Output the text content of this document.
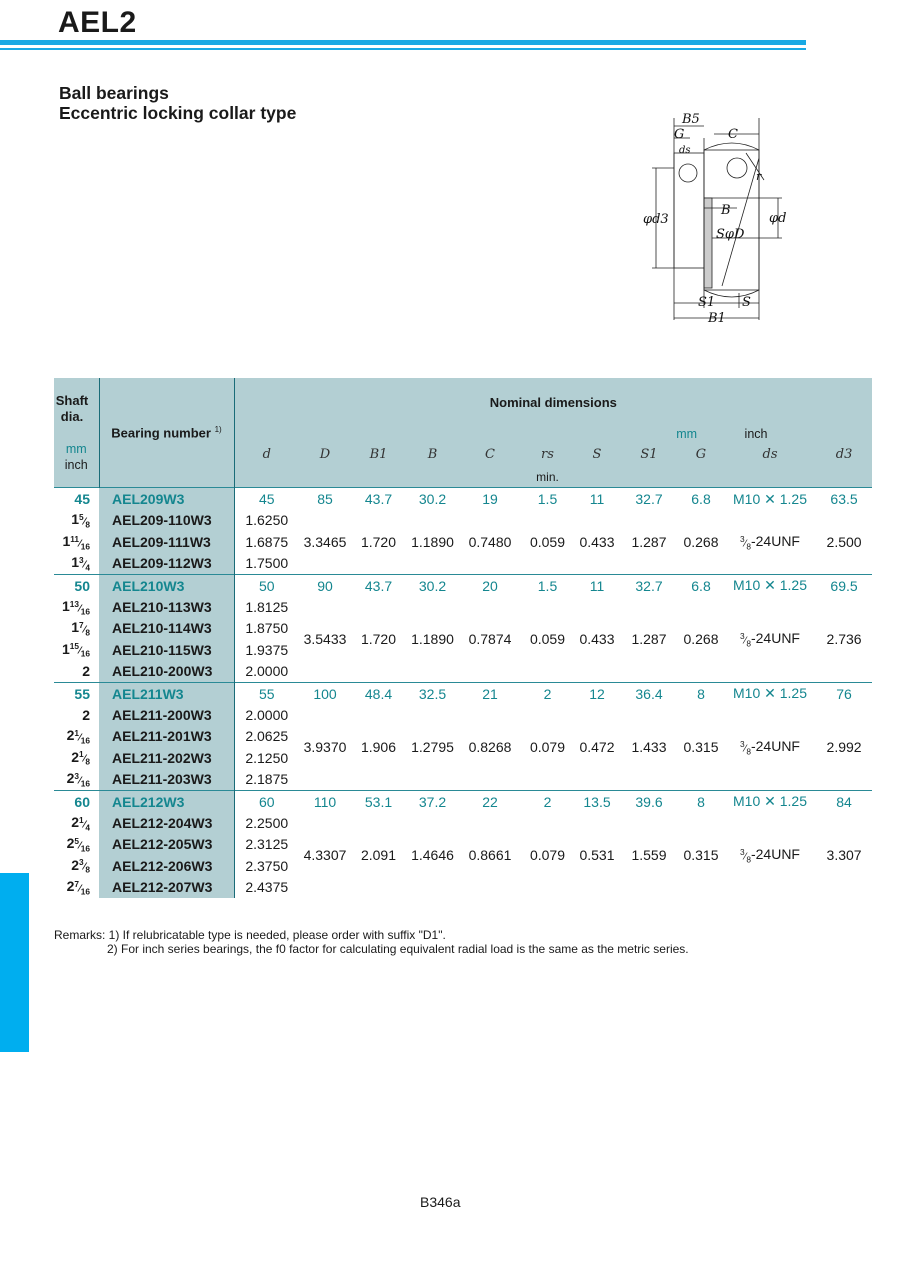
AEL2
Ball bearings
Eccentric locking collar type	B5
C
G
ds
r
B
φd3	φd
SφD
S1 S
B1
Shaft dia.
mm
inch	Bearing number $^{1)}$	Nominal dimensions										
		mm inch										
		d	D	B1	B	C	rs	S	S1	G	ds	d3
							min.					
45	AEL209W3	45	85	43.7	30.2	19	1.5	11	32.7	6.8	M10 ✕ 1.25	63.5
$1^5⁄_8$	AEL209-110W3	1.6250	3.3465	1.720	1.1890	0.7480	0.059	0.433	1.287	0.268	$^3⁄_8-24UNF$	2.500
$1^{11}⁄_{16}$	AEL209-111W3	1.6875										
$1^3⁄_4$	AEL209-112W3	1.7500										
50	AEL210W3	50	90	43.7	30.2	20	1.5	11	32.7	6.8	M10 ✕ 1.25	69.5
$1^{13}⁄_{16}$	AEL210-113W3	1.8125	3.5433	1.720	1.1890	0.7874	0.059	0.433	1.287	0.268	$^3⁄_8-24UNF$	2.736
$1^7⁄_8$	AEL210-114W3	1.8750										
$1^{15}⁄_{16}$	AEL210-115W3	1.9375										
2	AEL210-200W3	2.0000										
55	AEL211W3	55	100	48.4	32.5	21	2	12	36.4	8	M10 ✕ 1.25	76
2	AEL211-200W3	2.0000	3.9370	1.906	1.2795	0.8268	0.079	0.472	1.433	0.315	$^3⁄_8-24UNF$	2.992
$2^1⁄_{16}$	AEL211-201W3	2.0625										
$2^1⁄_8$	AEL211-202W3	2.1250										
$2^3⁄_{16}$	AEL211-203W3	2.1875										
60	AEL212W3	60	110	53.1	37.2	22	2	13.5	39.6	8	M10 ✕ 1.25	84
$2^1⁄_4$	AEL212-204W3	2.2500	4.3307	2.091	1.4646	0.8661	0.079	0.531	1.559	0.315	$^3⁄_8-24UNF$	3.307
$2^5⁄_{16}$	AEL212-205W3	2.3125										
$2^3⁄_8$	AEL212-206W3	2.3750										
$2^7⁄_{16}$	AEL212-207W3	2.4375										
Remarks: 1) If relubricatable type is needed, please order with suffix "D1".
2) For inch series bearings, the f0 factor for calculating equivalent radial load is the same as the metric series.
B346a
